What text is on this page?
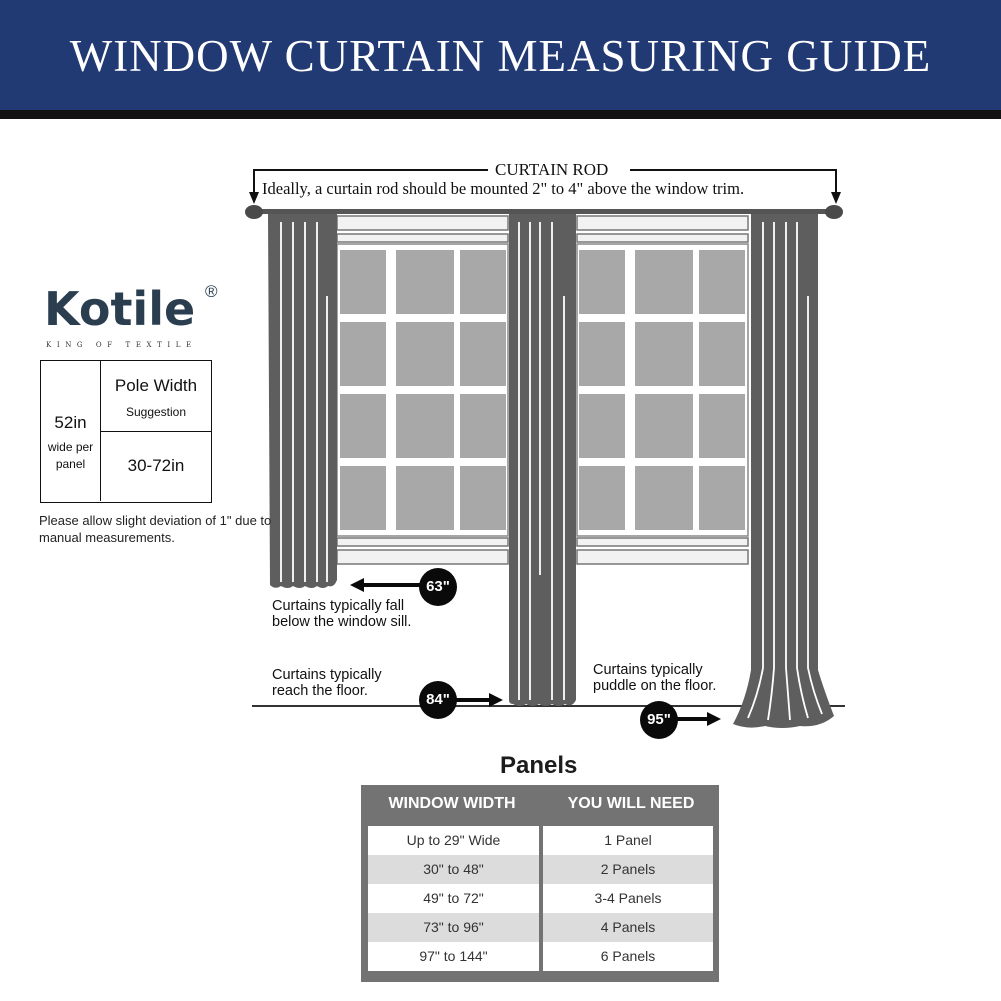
WINDOW CURTAIN MEASURING GUIDE
Kotile ®
KING OF TEXTILE
52in
wide per panel
Pole Width
Suggestion
30-72in
Please allow slight deviation of 1" due to manual measurements.
CURTAIN ROD
Ideally, a curtain rod should be mounted 2" to 4" above the window trim.
Curtains typically fall below the window sill.
Curtains typically reach the floor.
Curtains typically puddle on the floor.
63"
84"
95"
Panels
WINDOW WIDTH	YOU WILL NEED
Up to 29" Wide	1 Panel
30" to 48"	2 Panels
49" to 72"	3-4 Panels
73" to 96"	4 Panels
97" to 144"	6 Panels
